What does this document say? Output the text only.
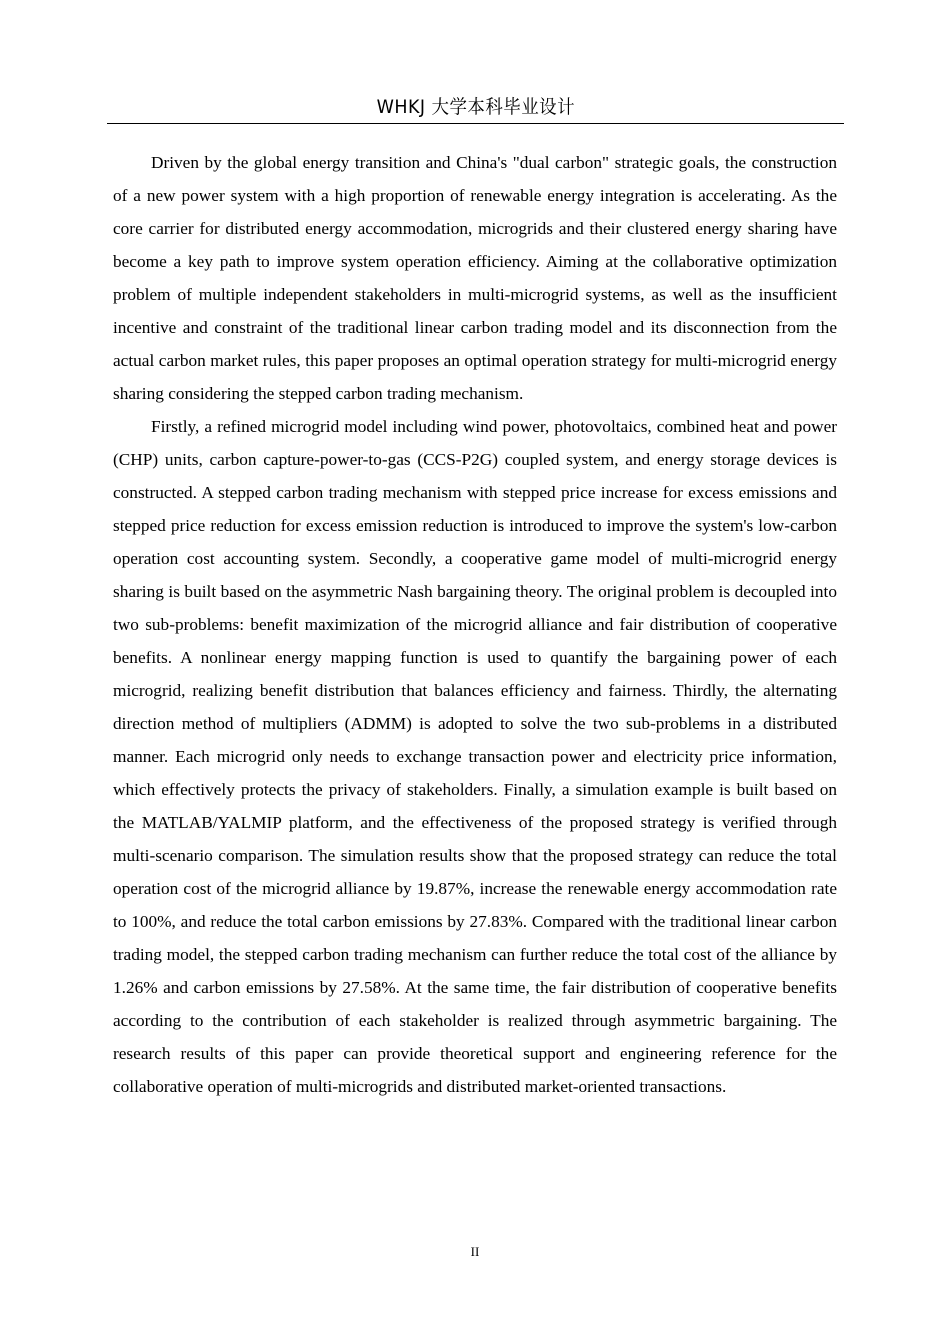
WHKJ 大学本科毕业设计

Driven by the global energy transition and China's "dual carbon" strategic goals, the construction of a new power system with a high proportion of renewable energy integration is accelerating. As the core carrier for distributed energy accommodation, microgrids and their clustered energy sharing have become a key path to improve system operation efficiency. Aiming at the collaborative optimization problem of multiple independent stakeholders in multi-microgrid systems, as well as the insufficient incentive and constraint of the traditional linear carbon trading model and its disconnection from the actual carbon market rules, this paper proposes an optimal operation strategy for multi-microgrid energy sharing considering the stepped carbon trading mechanism.

Firstly, a refined microgrid model including wind power, photovoltaics, combined heat and power (CHP) units, carbon capture-power-to-gas (CCS-P2G) coupled system, and energy storage devices is constructed. A stepped carbon trading mechanism with stepped price increase for excess emissions and stepped price reduction for excess emission reduction is introduced to improve the system's low-carbon operation cost accounting system. Secondly, a cooperative game model of multi-microgrid energy sharing is built based on the asymmetric Nash bargaining theory. The original problem is decoupled into two sub-problems: benefit maximization of the microgrid alliance and fair distribution of cooperative benefits. A nonlinear energy mapping function is used to quantify the bargaining power of each microgrid, realizing benefit distribution that balances efficiency and fairness. Thirdly, the alternating direction method of multipliers (ADMM) is adopted to solve the two sub-problems in a distributed manner. Each microgrid only needs to exchange transaction power and electricity price information, which effectively protects the privacy of stakeholders. Finally, a simulation example is built based on the MATLAB/YALMIP platform, and the effectiveness of the proposed strategy is verified through multi-scenario comparison. The simulation results show that the proposed strategy can reduce the total operation cost of the microgrid alliance by 19.87%, increase the renewable energy accommodation rate to 100%, and reduce the total carbon emissions by 27.83%. Compared with the traditional linear carbon trading model, the stepped carbon trading mechanism can further reduce the total cost of the alliance by 1.26% and carbon emissions by 27.58%. At the same time, the fair distribution of cooperative benefits according to the contribution of each stakeholder is realized through asymmetric bargaining. The research results of this paper can provide theoretical support and engineering reference for the collaborative operation of multi-microgrids and distributed market-oriented transactions.

II
